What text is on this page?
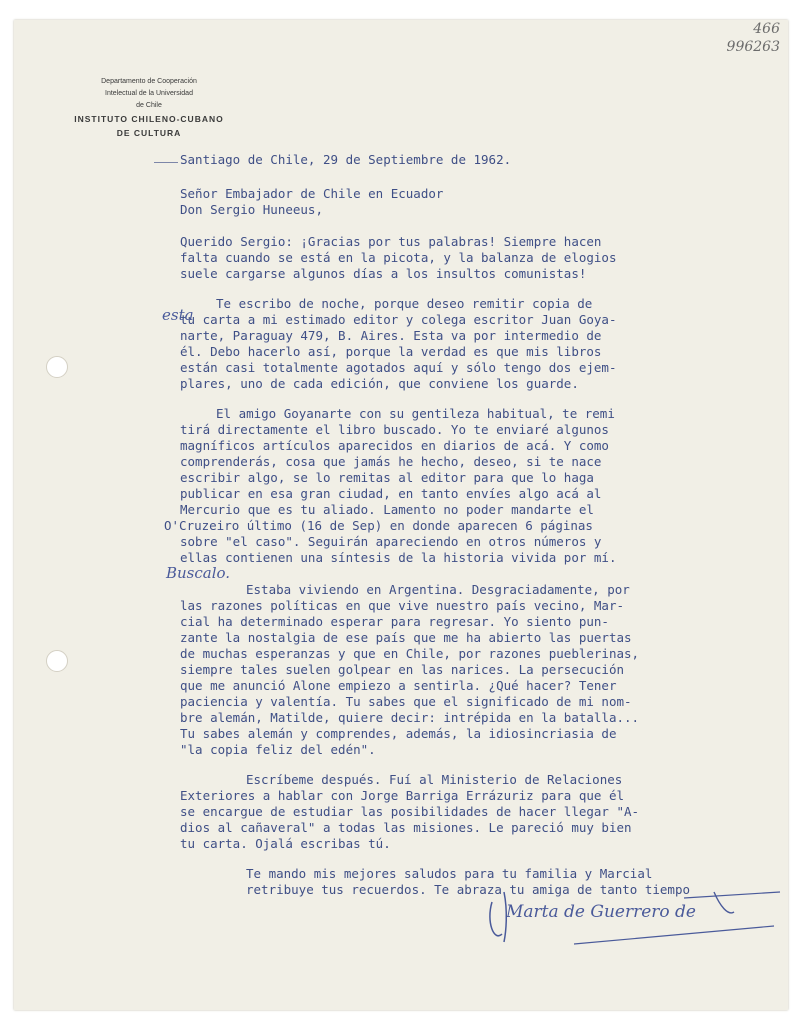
466
996263
Departamento de Cooperación
Intelectual de la Universidad
de Chile
INSTITUTO CHILENO-CUBANO
DE CULTURA
Santiago de Chile, 29 de Septiembre de 1962.
Señor Embajador de Chile en Ecuador
Don Sergio Huneeus,
Querido Sergio: ¡Gracias por tus palabras! Siempre hacen
falta cuando se está en la picota, y la balanza de elogios
suele cargarse algunos días a los insultos comunistas!
Te escribo de noche, porque deseo remitir copia de
tu carta a mi estimado editor y colega escritor Juan Goya-
narte, Paraguay 479, B. Aires. Esta va por intermedio de
él. Debo hacerlo así, porque la verdad es que mis libros
están casi totalmente agotados aquí y sólo tengo dos ejem-
plares, uno de cada edición, que conviene los guarde.
esta
El amigo Goyanarte con su gentileza habitual, te remi
tirá directamente el libro buscado. Yo te enviaré algunos
magníficos artículos aparecidos en diarios de acá. Y como
comprenderás, cosa que jamás he hecho, deseo, si te nace
escribir algo, se lo remitas al editor para que lo haga
publicar en esa gran ciudad, en tanto envíes algo acá al
Mercurio que es tu aliado. Lamento no poder mandarte el
O'Cruzeiro último (16 de Sep) en donde aparecen 6 páginas
sobre "el caso". Seguirán apareciendo en otros números y
ellas contienen una síntesis de la historia vivida por mí.
Buscalo.
Estaba viviendo en Argentina. Desgraciadamente, por
las razones políticas en que vive nuestro país vecino, Mar-
cial ha determinado esperar para regresar. Yo siento pun-
zante la nostalgia de ese país que me ha abierto las puertas
de muchas esperanzas y que en Chile, por razones pueblerinas,
siempre tales suelen golpear en las narices. La persecución
que me anunció Alone empiezo a sentirla. ¿Qué hacer? Tener
paciencia y valentía. Tu sabes que el significado de mi nom-
bre alemán, Matilde, quiere decir: intrépida en la batalla...
Tu sabes alemán y comprendes, además, la idiosincriasia de
"la copia feliz del edén".
Escríbeme después. Fuí al Ministerio de Relaciones
Exteriores a hablar con Jorge Barriga Errázuriz para que él
se encargue de estudiar las posibilidades de hacer llegar "A-
dios al cañaveral" a todas las misiones. Le pareció muy bien
tu carta. Ojalá escribas tú.
Te mando mis mejores saludos para tu familia y Marcial
retribuye tus recuerdos. Te abraza tu amiga de tanto tiempo
Marta de Guerrero de
